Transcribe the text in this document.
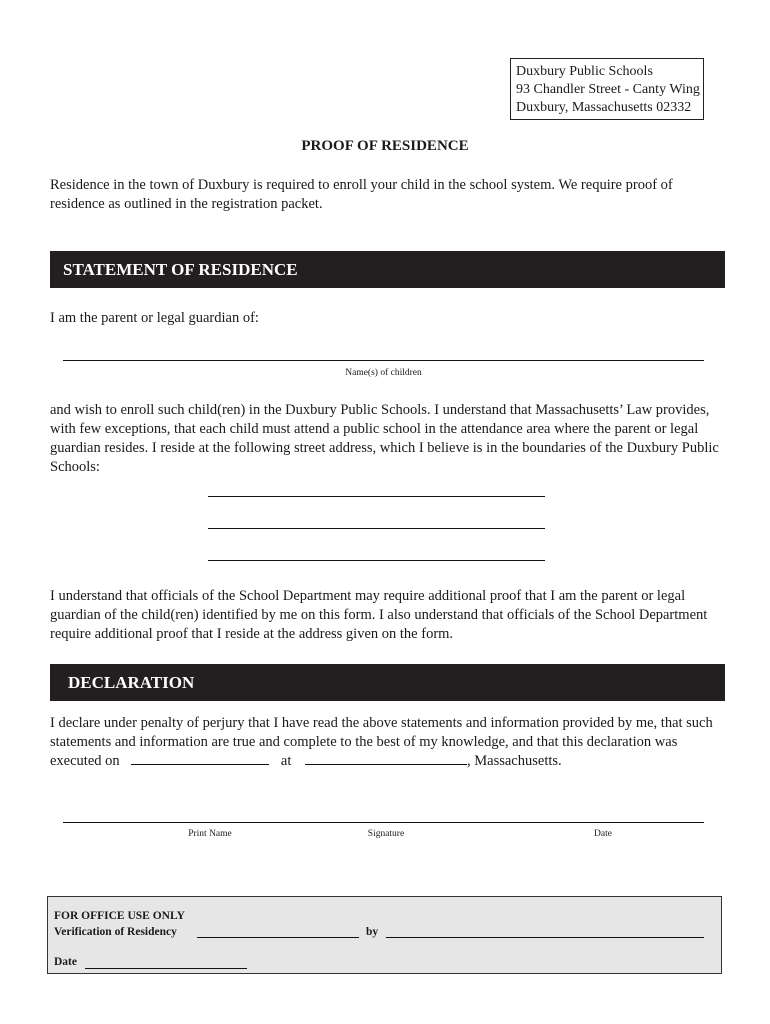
Duxbury Public Schools
93 Chandler Street - Canty Wing
Duxbury, Massachusetts 02332
PROOF OF RESIDENCE
Residence in the town of Duxbury is required to enroll your child in the school system. We require proof of residence as outlined in the registration packet.
STATEMENT OF RESIDENCE
I am the parent or legal guardian of:
Name(s) of children
and wish to enroll such child(ren) in the Duxbury Public Schools. I understand that Massachusetts’ Law provides, with few exceptions, that each child must attend a public school in the attendance area where the parent or legal guardian resides. I reside at the following street address, which I believe is in the boundaries of the Duxbury Public Schools:
I understand that officials of the School Department may require additional proof that I am the parent or legal guardian of the child(ren) identified by me on this form. I also understand that officials of the School Department require additional proof that I reside at the address given on the form.
DECLARATION
I declare under penalty of perjury that I have read the above statements and information provided by me, that such statements and information are true and complete to the best of my knowledge, and that this declaration was executed on	at	, Massachusetts.
Print Name	Signature	Date
FOR OFFICE USE ONLY
Verification of Residency	by
Date
